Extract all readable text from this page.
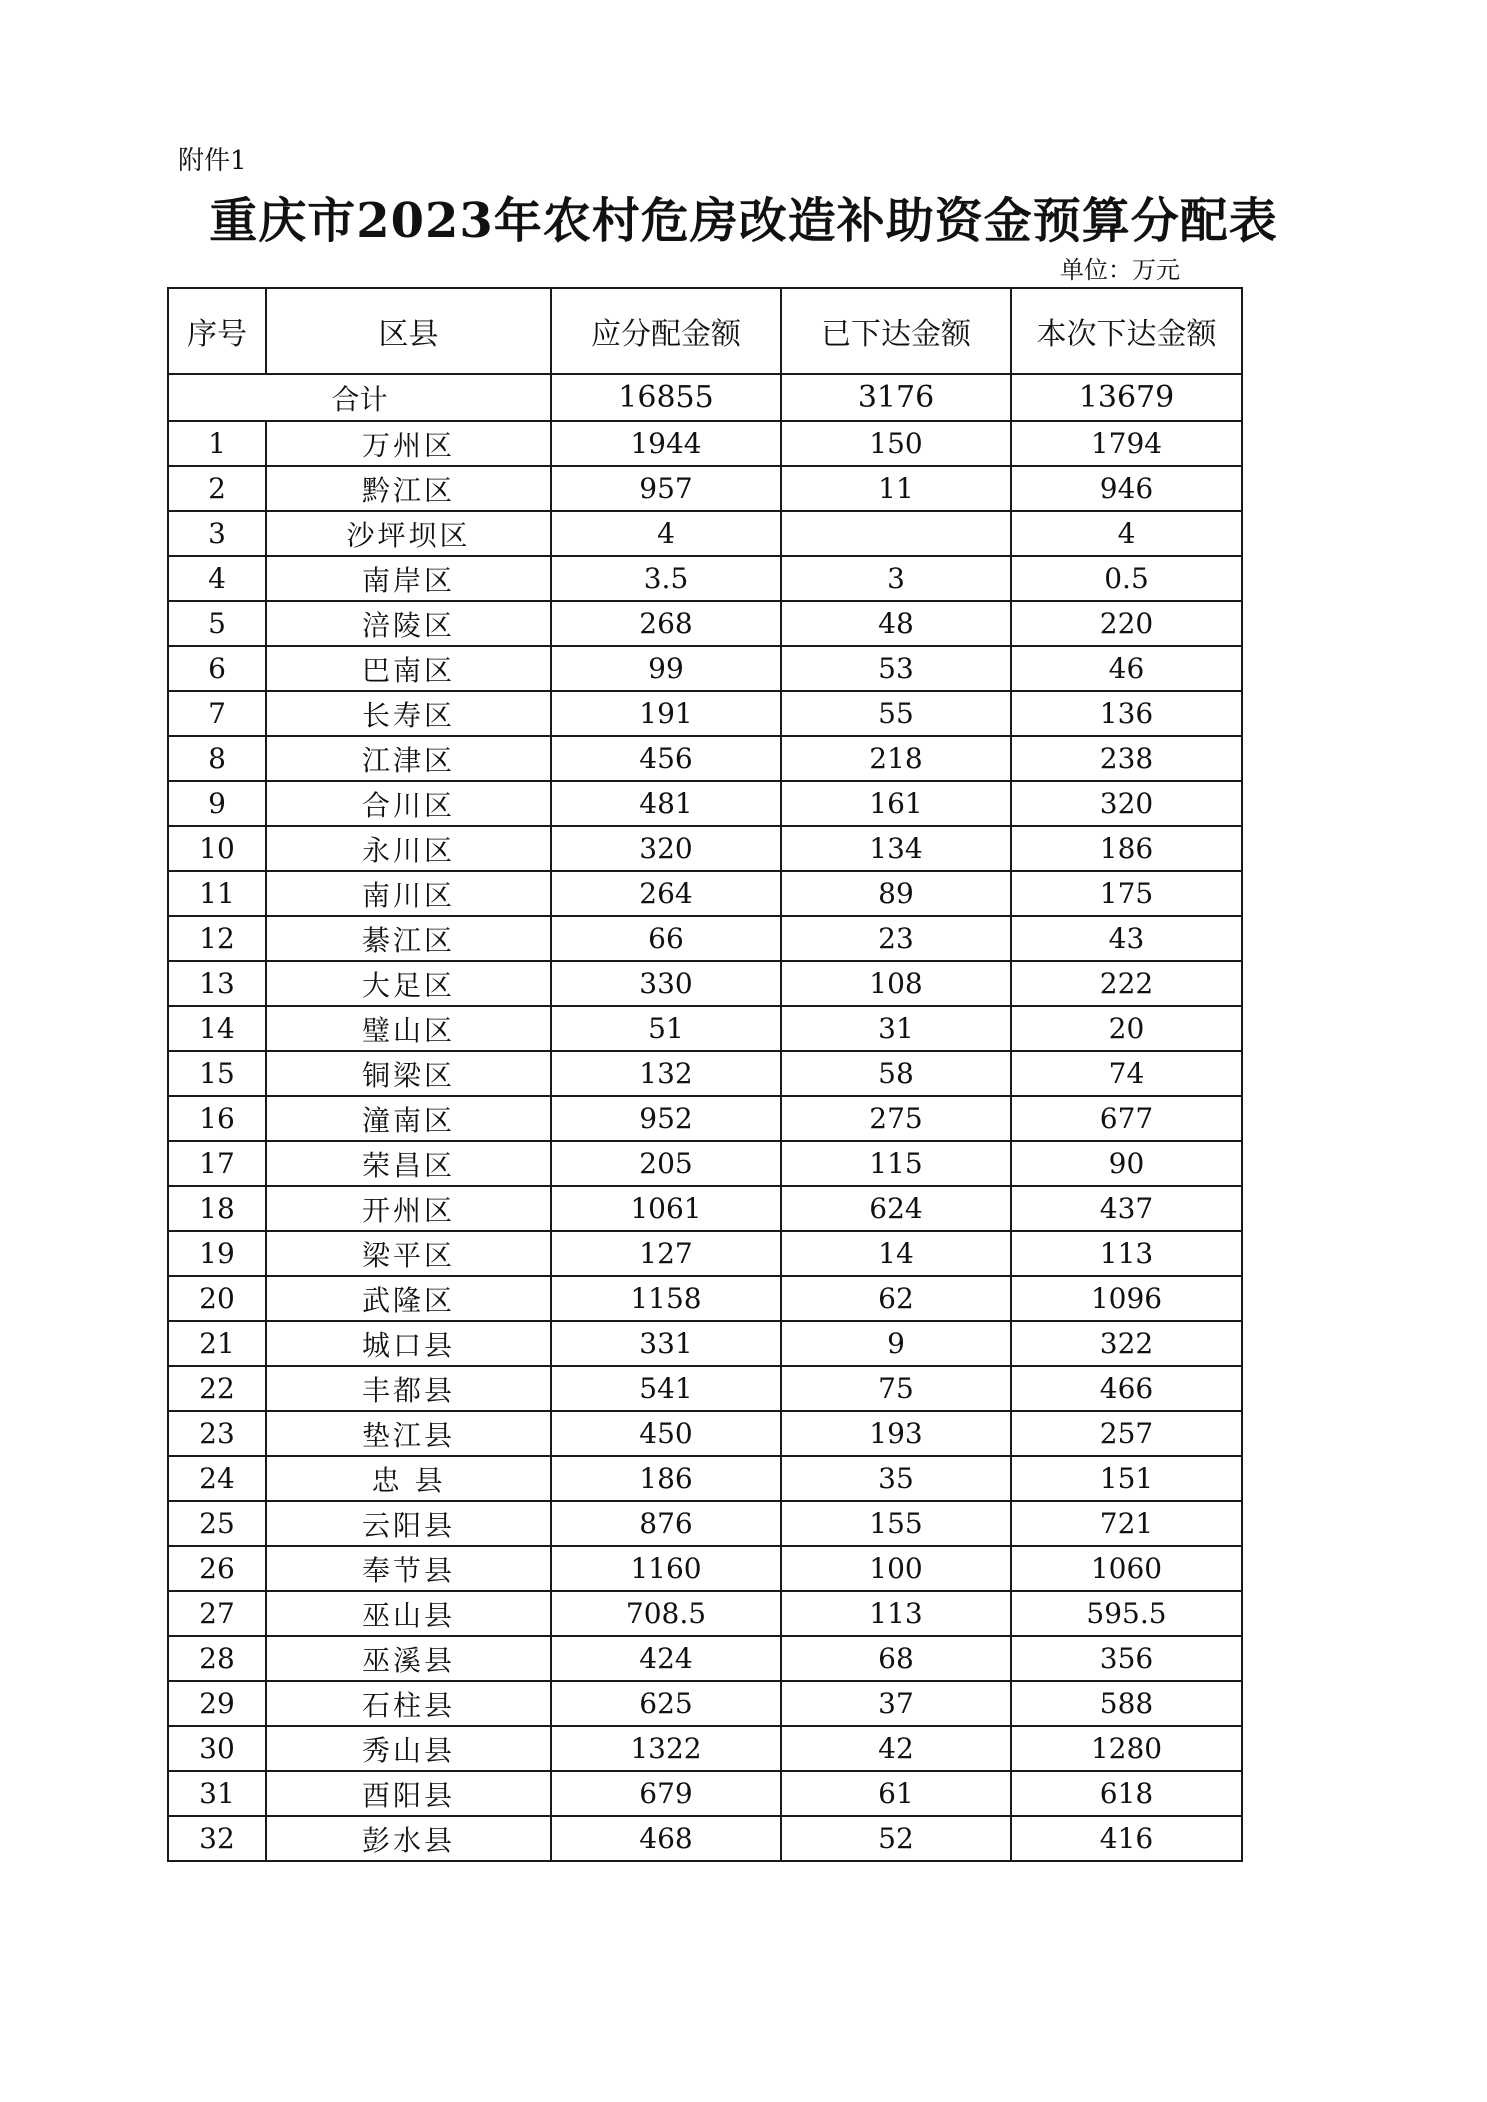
附件1
重庆市2023年农村危房改造补助资金预算分配表
单位：万元
序号	区县	应分配金额	已下达金额	本次下达金额
合计		16855	3176	13679
1	万州区	1944	150	1794
2	黔江区	957	11	946
3	沙坪坝区	4		4
4	南岸区	3.5	3	0.5
5	涪陵区	268	48	220
6	巴南区	99	53	46
7	长寿区	191	55	136
8	江津区	456	218	238
9	合川区	481	161	320
10	永川区	320	134	186
11	南川区	264	89	175
12	綦江区	66	23	43
13	大足区	330	108	222
14	璧山区	51	31	20
15	铜梁区	132	58	74
16	潼南区	952	275	677
17	荣昌区	205	115	90
18	开州区	1061	624	437
19	梁平区	127	14	113
20	武隆区	1158	62	1096
21	城口县	331	9	322
22	丰都县	541	75	466
23	垫江县	450	193	257
24	忠 县	186	35	151
25	云阳县	876	155	721
26	奉节县	1160	100	1060
27	巫山县	708.5	113	595.5
28	巫溪县	424	68	356
29	石柱县	625	37	588
30	秀山县	1322	42	1280
31	酉阳县	679	61	618
32	彭水县	468	52	416
